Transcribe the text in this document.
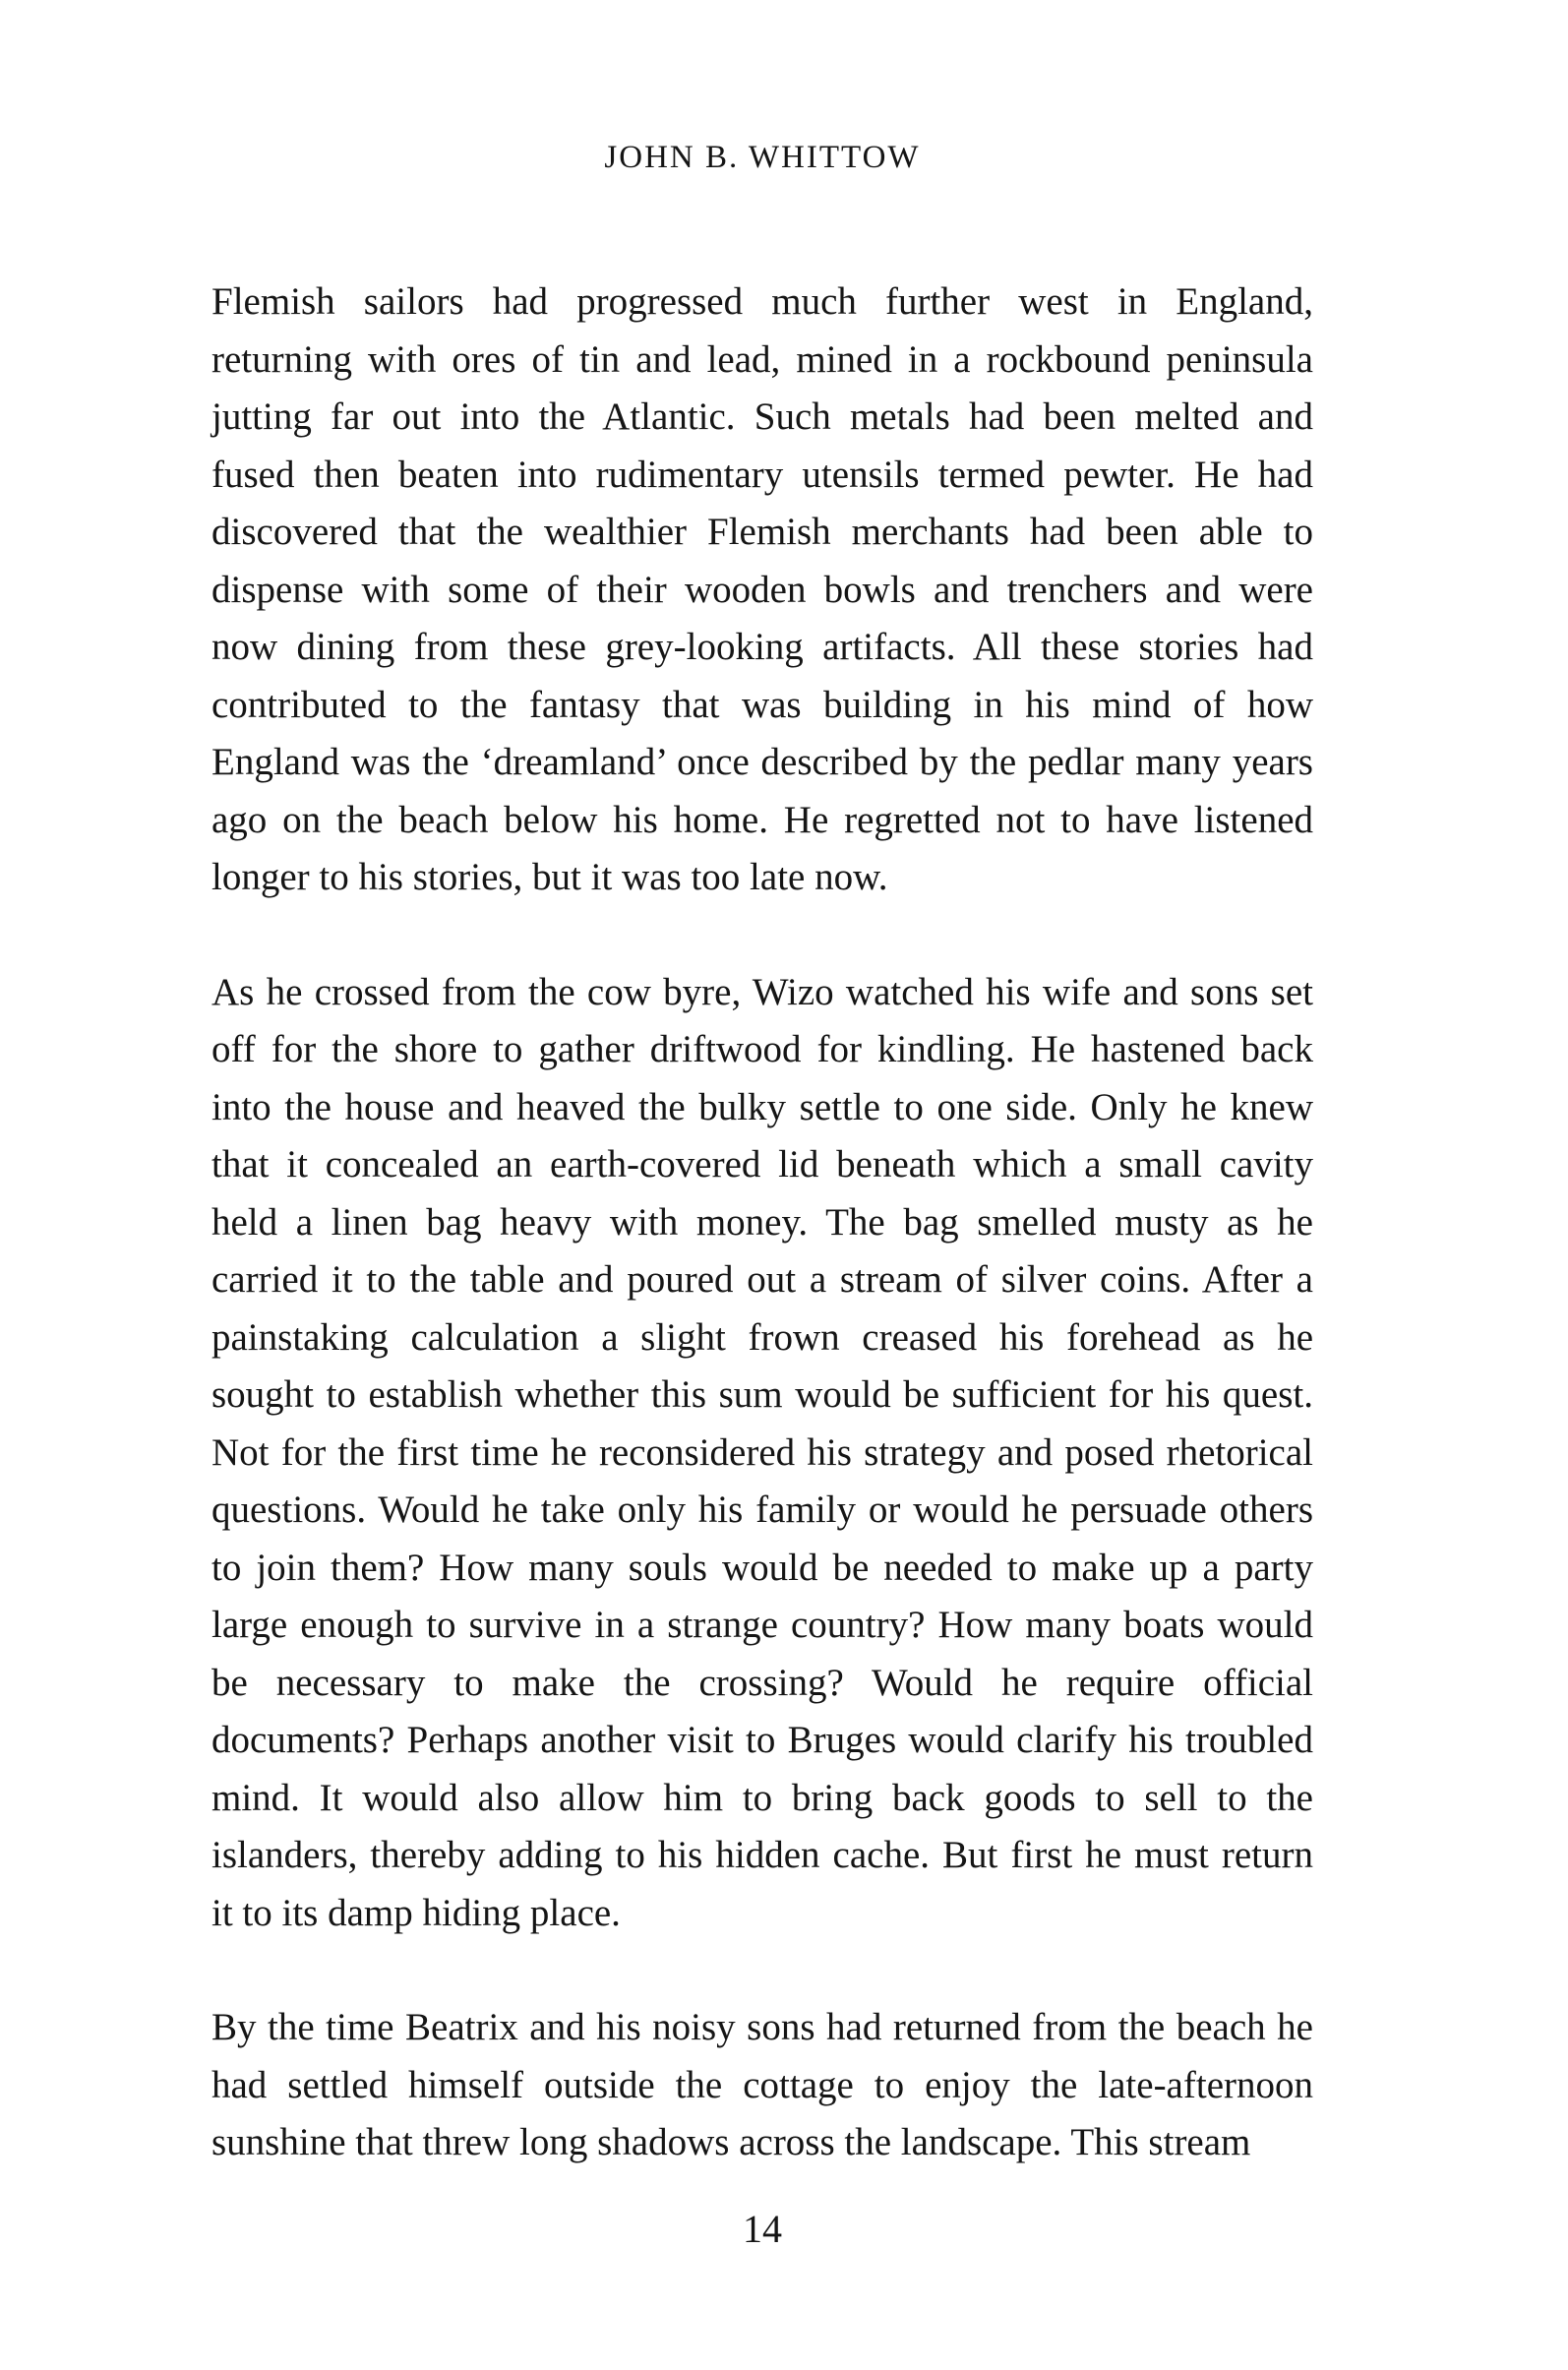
JOHN B. WHITTOW
Flemish sailors had progressed much further west in England,
returning with ores of tin and lead, mined in a rockbound peninsula
jutting far out into the Atlantic. Such metals had been melted and
fused then beaten into rudimentary utensils termed pewter. He had
discovered that the wealthier Flemish merchants had been able to
dispense with some of their wooden bowls and trenchers and were
now dining from these grey-looking artifacts. All these stories had
contributed to the fantasy that was building in his mind of how
England was the ‘dreamland’ once described by the pedlar many years
ago on the beach below his home. He regretted not to have listened
longer to his stories, but it was too late now.
As he crossed from the cow byre, Wizo watched his wife and sons set
off for the shore to gather driftwood for kindling. He hastened back
into the house and heaved the bulky settle to one side. Only he knew
that it concealed an earth-covered lid beneath which a small cavity
held a linen bag heavy with money. The bag smelled musty as he
carried it to the table and poured out a stream of silver coins. After a
painstaking calculation a slight frown creased his forehead as he
sought to establish whether this sum would be sufficient for his quest.
Not for the first time he reconsidered his strategy and posed rhetorical
questions. Would he take only his family or would he persuade others
to join them? How many souls would be needed to make up a party
large enough to survive in a strange country? How many boats would
be necessary to make the crossing? Would he require official
documents? Perhaps another visit to Bruges would clarify his troubled
mind. It would also allow him to bring back goods to sell to the
islanders, thereby adding to his hidden cache. But first he must return
it to its damp hiding place.
By the time Beatrix and his noisy sons had returned from the beach he
had settled himself outside the cottage to enjoy the late-afternoon
sunshine that threw long shadows across the landscape. This stream
14
